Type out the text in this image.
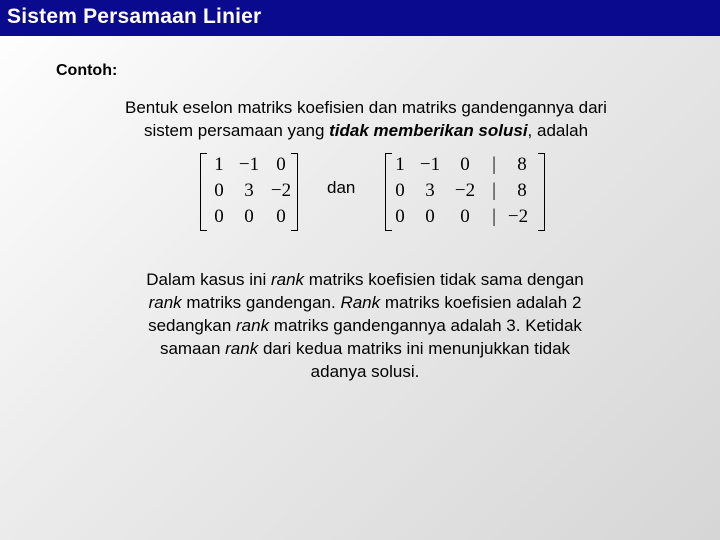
Sistem Persamaan Linier
Contoh:
Bentuk eselon matriks koefisien dan matriks gandengannya dari
sistem persamaan yang tidak memberikan solusi, adalah
1 −1 0
0	3 −2
0	0	0
dan
1 −1	0	|	8
0	3	−2 |	8
0	0	0	| −2
Dalam kasus ini rank matriks koefisien tidak sama dengan
rank matriks gandengan. Rank matriks koefisien adalah 2
sedangkan rank matriks gandengannya adalah 3. Ketidak
samaan rank dari kedua matriks ini menunjukkan tidak
adanya solusi.
